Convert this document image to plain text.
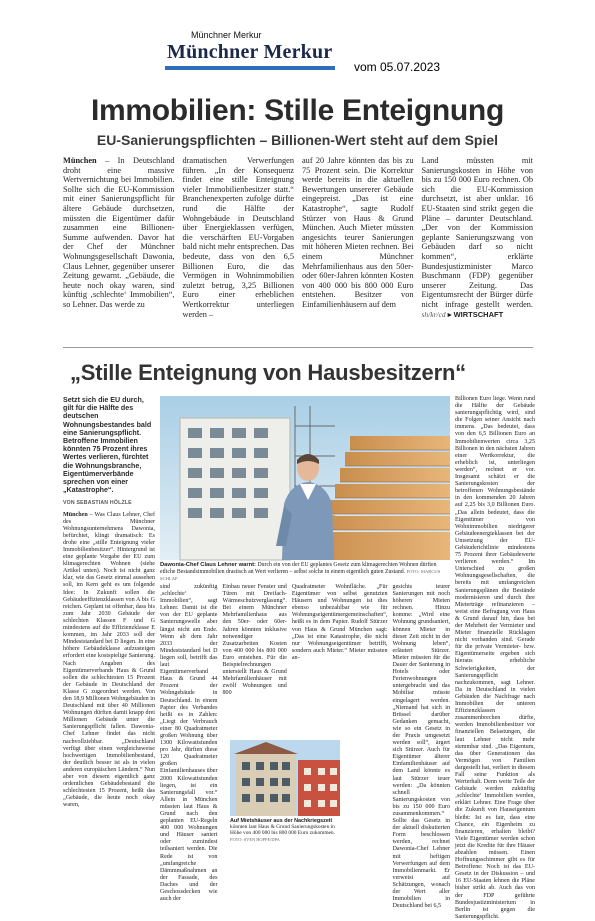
Münchner Merkur
Münchner Merkur
vom 05.07.2023
Immobilien: Stille Enteignung
EU-Sanierungspflichten – Billionen-Wert steht auf dem Spiel
München – In Deutschland droht eine massive Wertvernichtung bei Immobilien. Sollte sich die EU-Kommission mit einer Sanierungspflicht für ältere Gebäude durchsetzen, müssten die Eigentümer dafür zusammen eine Billionen-Summe aufwenden. Davor hat der Chef der Münchner Wohnungsgesellschaft Dawonia, Claus Lehner, gegenüber unserer Zeitung gewarnt. „Gebäude, die heute noch okay waren, sind künftig ‚schlechte‘ Immobilien“, so Lehner. Das werde zu
dramatischen Verwerfungen führen. „In der Konsequenz findet eine stille Enteignung vieler Immobilienbesitzer statt.“ Branchenexperten zufolge dürfte rund die Hälfte der Wohngebäude in Deutschland über Energieklassen verfügen, die verschärften EU-Vorgaben bald nicht mehr entsprechen. Das bedeute, dass von den 6,5 Billionen Euro, die das Vermögen in Wohnimmobilien zuletzt betrug, 3,25 Billionen Euro einer erheblichen Wertkorrektur unterliegen werden –
auf 20 Jahre könnten das bis zu 75 Prozent sein. Die Korrektur werde bereits in die aktuellen Bewertungen unsererer Gebäude eingepreist. „Das ist eine Katastrophe“, sagte Rudolf Stürzer von Haus & Grund München. Auch Mieter müssten angesichts teurer Sanierungen mit höheren Mieten rechnen. Bei einem Münchner Mehrfamilienhaus aus den 50er- oder 60er-Jahren könnten Kosten von 400 000 bis 800 000 Euro entstehen. Besitzer von Einfamilienhäusern auf dem
Land müssten mit Sanierungskosten in Höhe von bis zu 150 000 Euro rechnen. Ob sich die EU-Kommission durchsetzt, ist aber unklar. 16 EU-Staaten sind strikt gegen die Pläne – darunter Deutschland. „Der von der Kommission geplante Sanierungszwang von Gebäuden darf so nicht kommen“, erklärte Bundesjustizminister Marco Buschmann (FDP) gegenüber unserer Zeitung. Das Eigentumsrecht der Bürger dürfe nicht infrage gestellt werden. sh/kr/cd ▸ WIRTSCHAFT
„Stille Enteignung von Hausbesitzern“

Setzt sich die EU durch, gilt für die Hälfte des deutschen Wohnungsbestandes bald eine Sanierungspflicht. Betroffene Immobilien könnten 75 Prozent ihres Wertes verlieren, fürchtet die Wohnungsbranche, Eigentümerverbände sprechen von einer „Katastrophe“.

VON SEBASTIAN HÖLZLE

München – Was Claus Lehner, Chef des Münchner Wohnungsunternehmens Dawonia, befürchtet, klingt dramatisch: Es drohe eine „stille Enteignung vieler Immobilienbesitzer“. Hintergrund ist eine geplante Vorgabe der EU zum klimagerechten Wohnen (siehe Artikel unten). Noch ist nicht ganz klar, wie das Gesetz einmal aussehen soll, im Kern geht es um folgende Idee: In Zukunft sollen die Gebäudeeffizienzklassen von A bis G reichen. Geplant ist offenbar, dass bis zum Jahr 2030 Gebäude der schlechten Klassen F und G mindestens auf die Effizienzklasse E kommen, im Jahr 2033 soll der Mindeststandard bei D liegen. In eine höhere Gebäudeklasse aufzusteigen erfordert eine kostspielige Sanierung. Nach Angaben des Eigentümerverbands Haus & Grund sollen die schlechtesten 15 Prozent der Gebäude in Deutschland der Klasse G zugeordnet werden. Von den 18,9 Millionen Wohngebäuden in Deutschland mit über 40 Millionen Wohnungen dürften damit knapp drei Millionen Gebäude unter die Sanierungspflicht fallen. Dawonia-Chef Lehner findet das nicht nachvollziehbar. „Deutschland verfügt über einen vergleichsweise hochwertigen Immobilienbestand, der deutlich besser ist als in vielen anderen europäischen Ländern.“ Nun aber von diesem eigentlich ganz ordentlichen Gebäudebestand die schlechtesten 15 Prozent, heißt das „Gebäude, die heute noch okay waren,

Dawonia-Chef Claus Lehner warnt: Durch ein von der EU geplantes Gesetz zum klimagerechten Wohnen dürften etliche Bestandsimmobilien drastisch an Wert verlieren – selbst solche in einem eigentlich guten Zustand. FOTO: MARCUS SCHLAF
Billionen Euro liege. Wenn rund die Hälfte der Gebäude sanierungspflichtig wird, sind die Folgen seiner Ansicht nach immens. „Das bedeutet, dass von den 6,5 Billionen Euro an Immobilienwerten circa 3,25 Billionen in den nächsten Jahren einer Wertkorrektur, die erheblich ist, unterliegen werden“, rechnet er vor. Insgesamt schätzt er die Sanierungskosten der betroffenen Wohnungsbestände in den kommenden 20 Jahren auf 2,25 bis 3,0 Billionen Euro. „Das allein bedeutet, dass die Eigentümer von Wohnimmobilien niedrigerer Gebäudeenergieklassen bei der Umsetzung der EU-Gebäuderichtlinie mindestens 75 Prozent ihrer Gebäudewerte verlieren werden.“ Im Unterschied zu großen Wohnungsgesellschaften, die bereits mit umfangreichen Sanierungsplänen die Bestände modernisieren und durch ihre Mieterträge refinanzieren – weist eine Befragung von Haus & Grund darauf hin, dass bei der Mehrheit der Vermieter und Mieter finanzielle Rücklagen nicht vorhanden sind. Gerade für die private Vermieter- bzw. Eigentümerseite ergeben sich hieraus erhebliche Schwierigkeiten, der Sanierungspflicht nachzukommen, sagt Lehner. Da in Deutschland in vielen Gebäuden die Nachfrage nach Immobilien der unteren Effizienzklassen zusammenbrechen dürfte, werden Immobilienbesitzer vor finanziellen Belastungen, die laut Lehner nicht mehr stemmbar sind. „Das Eigentum, das über Generationen das Vermögen von Familien dargestellt hat, verliert in diesem Fall seine Funktion als Werterhalt. Denn weite Teile der Gebäude werden zukünftig ‚schlechte‘ Immobilien werden, erklärt Lehner. Eine Frage über die Zukunft von Hauseigentum bleibt: Ist es fair, dass eine Chance, ein Eigenheim zu finanzieren, erhalten bleibt? Viele Eigentümer werden schon jetzt die Kredite für ihre Häuser abzahlen müssen. Einen Hoffnungsschimmer gibt es für Betroffene: Noch ist das EU-Gesetz in der Diskussion – und 16 EU-Staaten lehnen die Pläne bisher strikt ab. Auch das von der FDP geführte Bundesjustizministerium in Berlin ist gegen die Sanierungspflicht.
sind zukünftig ‚schlechte‘ Immobilien“, sagt Lehner. Damit ist die von der EU geplante Sanierungswelle aber längst nicht am Ende. Wenn ab dem Jahr 2033 der Mindeststandard bei D liegen soll, betrifft das laut Eigentümerverband Haus & Grund 44 Prozent der Wohngebäude in Deutschland. In einem Papier des Verbandes heißt es in Zahlen: „Liegt der Verbrauch einer 80 Quadratmeter großen Wohnung über 1300 Kilowattstunden pro Jahr, dürften diese 120 Quadratmeter großen Einfamilienhauses über 2000 Kilowattstunden liegen, ist ein Sanierungsfall vor.“ Allein in München müssten laut Haus & Grund nach den geplanten EU-Regeln 400 000 Wohnungen und Häuser saniert oder zumindest teilsaniert werden. Die Rede ist von „umfangreiche Dämmmaßnahmen an der Fassade, des Daches und der Geschossdecken wie auch der
Einbau neuer Fenster und Türen mit Dreifach-Wärmeschutzverglasung“. Bei einem Münchner Mehrfamilienhaus aus den 50er- oder 60er-Jahren könnten inklusive notwendiger Zusatzarbeiten Kosten von 400 000 bis 800 000 Euro entstehen. Für die Beispielrechnungen unterstellt Haus & Grund Mehrfamilienhäuser mit zwölf Wohnungen und 800
Quadratmeter Wohnfläche. „Für Eigentümer von selbst genutzten Häusern und Wohnungen ist dies ebenso unbezahlbar wie für Wohnungseigentümergemeinschaften“, heißt es in dem Papier. Rudolf Stürzer von Haus & Grund München sagt: „Das ist eine Katastrophe, die nicht nur Wohnungseigentümer betrifft, sondern auch Mieter.“ Mieter müssten an-
gesichts teurer Sanierungen mit noch höheren Mieten rechnen. Hinzu komme: „Wird eine Wohnung grundsaniert, können Mieter in dieser Zeit nicht in der Wohnung leben“, erläutert Stürzer. Mieter müssten für die Dauer der Sanierung in Hotels oder Ferienwohnungen untergebracht und das Mobiliar müsste eingelagert werden. „Niemand hat sich in Brüssel darüber Gedanken gemacht, wie so ein Gesetz in der Praxis umgesetzt werden soll“, ärgert sich Stürzer. Auch für Eigentümer älterer Einfamilienhäuser auf dem Land könnte es laut Stürzer teuer werden: „Da könnten schnell Sanierungskosten von bis zu 150 000 Euro zusammenkommen.“ Sollte das Gesetz in der aktuell diskutierten Form beschlossen werden, rechnet Dawonia-Chef Lehner mit heftigen Verwerfungen auf dem Immobilienmarkt. Er verweist auf Schätzungen, wonach der Wert aller Immobilien in Deutschland bei 6,5
Auf Mietshäuser aus der Nachkriegszeit könnten laut Haus & Grund Sanierungskosten in Höhe von 400 000 bis 800 000 Euro zukommen. FOTO: SVEN HOPPE/DPA
